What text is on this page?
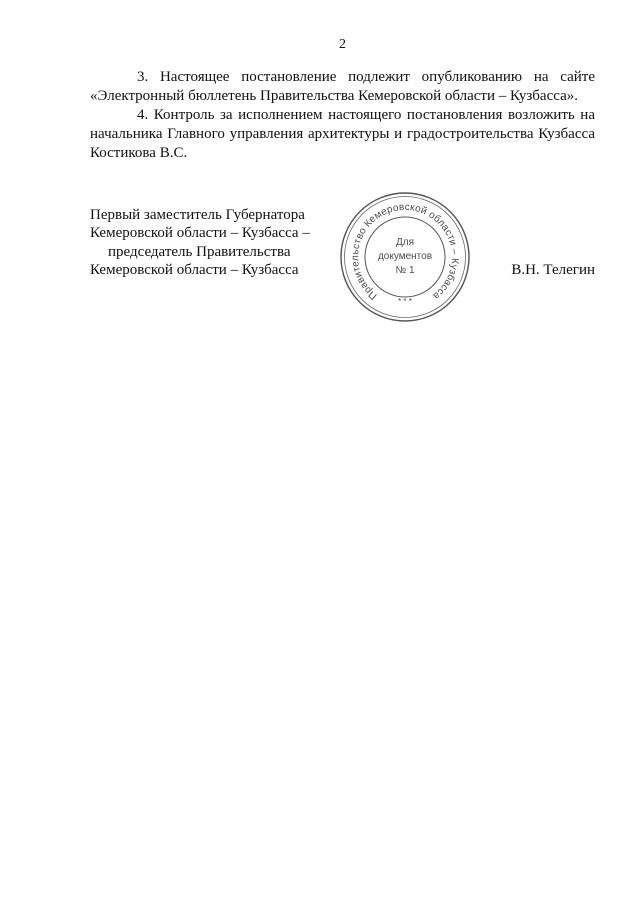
2

3. Настоящее постановление подлежит опубликованию на сайте «Электронный бюллетень Правительства Кемеровской области – Кузбасса».

4. Контроль за исполнением настоящего постановления возложить на начальника Главного управления архитектуры и градостроительства Кузбасса Костикова В.С.

Первый заместитель Губернатора
Кемеровской области – Кузбасса –
председатель Правительства
Кемеровской области – Кузбасса	В.Н. Телегин
Правительство Кемеровской области – Кузбасса
Для
документов
№ 1
* * *
